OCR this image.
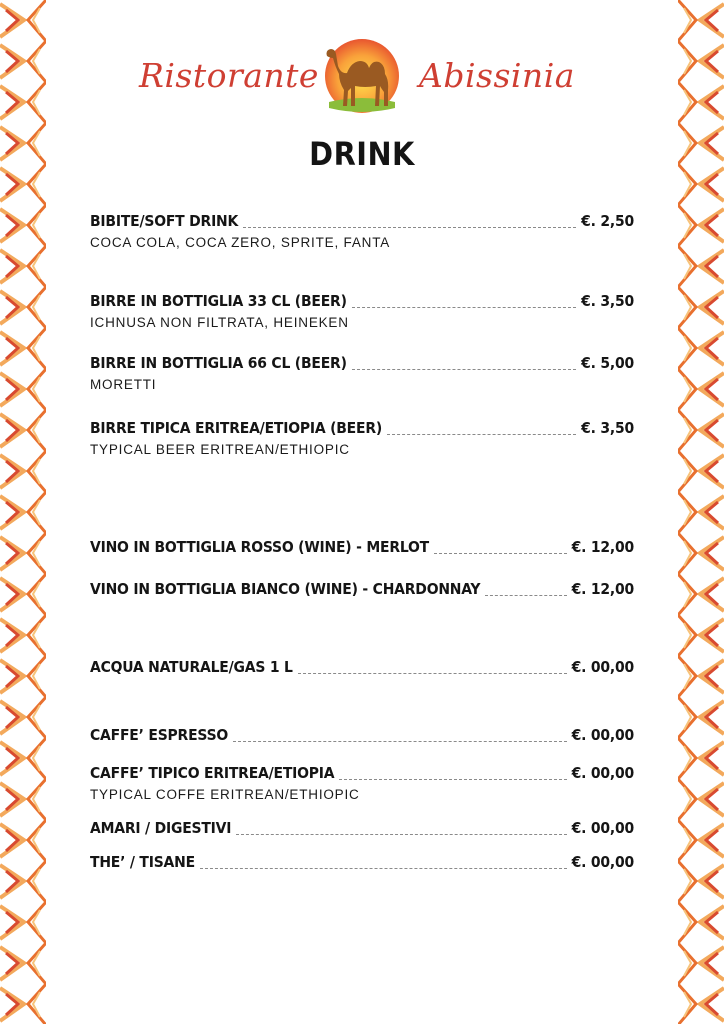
Ristorante	Abissinia
DRINK
BIBITE/SOFT DRINK	€. 2,50
COCA COLA, COCA ZERO, SPRITE, FANTA
BIRRE IN BOTTIGLIA 33 CL (BEER)	€. 3,50
ICHNUSA NON FILTRATA, HEINEKEN
BIRRE IN BOTTIGLIA 66 CL (BEER)	€. 5,00
MORETTI
BIRRE TIPICA ERITREA/ETIOPIA (BEER)	€. 3,50
TYPICAL BEER ERITREAN/ETHIOPIC
VINO IN BOTTIGLIA ROSSO (WINE) - MERLOT	€. 12,00
VINO IN BOTTIGLIA BIANCO (WINE) - CHARDONNAY	€. 12,00
ACQUA NATURALE/GAS 1 L	€. 00,00
CAFFE’ ESPRESSO	€. 00,00
CAFFE’ TIPICO ERITREA/ETIOPIA	€. 00,00
TYPICAL COFFE ERITREAN/ETHIOPIC
AMARI / DIGESTIVI	€. 00,00
THE’ / TISANE	€. 00,00
